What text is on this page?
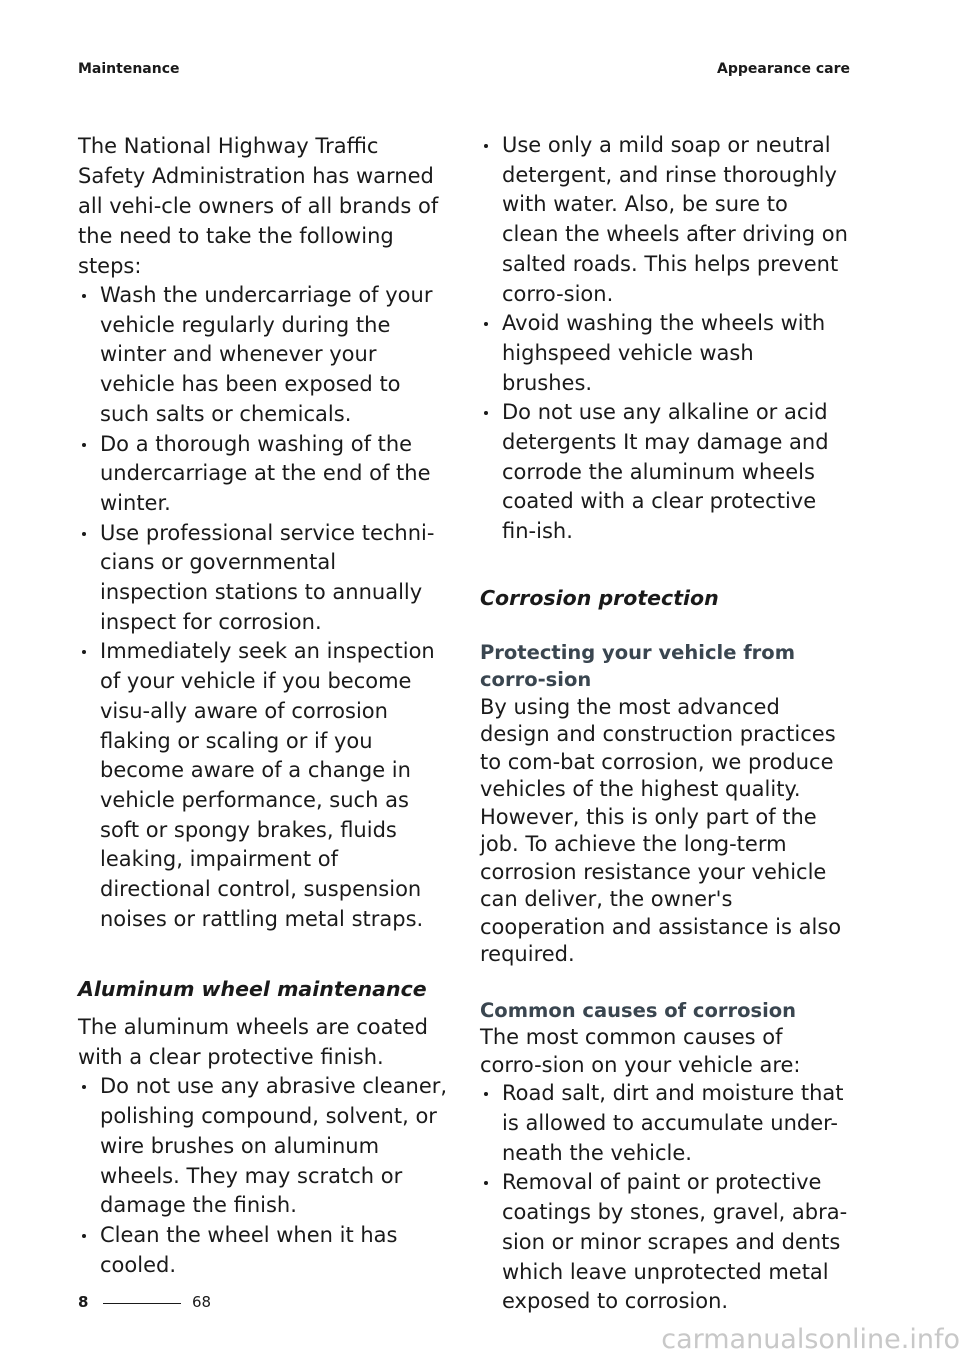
Maintenance	Appearance care

The National Highway Traffic Safety Administration has warned all vehi-cle owners of all brands of the need to take the following steps:

Wash the undercarriage of your vehicle regularly during the winter and whenever your vehicle has been exposed to such salts or chemicals.
Do a thorough washing of the undercarriage at the end of the winter.
Use professional service techni-cians or governmental inspection stations to annually inspect for corrosion.
Immediately seek an inspection of your vehicle if you become visu-ally aware of corrosion flaking or scaling or if you become aware of a change in vehicle performance, such as soft or spongy brakes, fluids leaking, impairment of directional control, suspension noises or rattling metal straps.
Aluminum wheel maintenance

The aluminum wheels are coated with a clear protective finish.

Do not use any abrasive cleaner, polishing compound, solvent, or wire brushes on aluminum wheels. They may scratch or damage the finish.
Clean the wheel when it has cooled.
Use only a mild soap or neutral detergent, and rinse thoroughly with water. Also, be sure to clean the wheels after driving on salted roads. This helps prevent corro-sion.
Avoid washing the wheels with highspeed vehicle wash brushes.
Do not use any alkaline or acid detergents It may damage and corrode the aluminum wheels coated with a clear protective fin-ish.
Corrosion protection
Protecting your vehicle from corro-sion

By using the most advanced design and construction practices to com-bat corrosion, we produce vehicles of the highest quality. However, this is only part of the job. To achieve the long-term corrosion resistance your vehicle can deliver, the owner's cooperation and assistance is also required.

Common causes of corrosion

The most common causes of corro-sion on your vehicle are:

Road salt, dirt and moisture that is allowed to accumulate under-neath the vehicle.
Removal of paint or protective coatings by stones, gravel, abra-sion or minor scrapes and dents which leave unprotected metal exposed to corrosion.
8	68
carmanualsonline.info
